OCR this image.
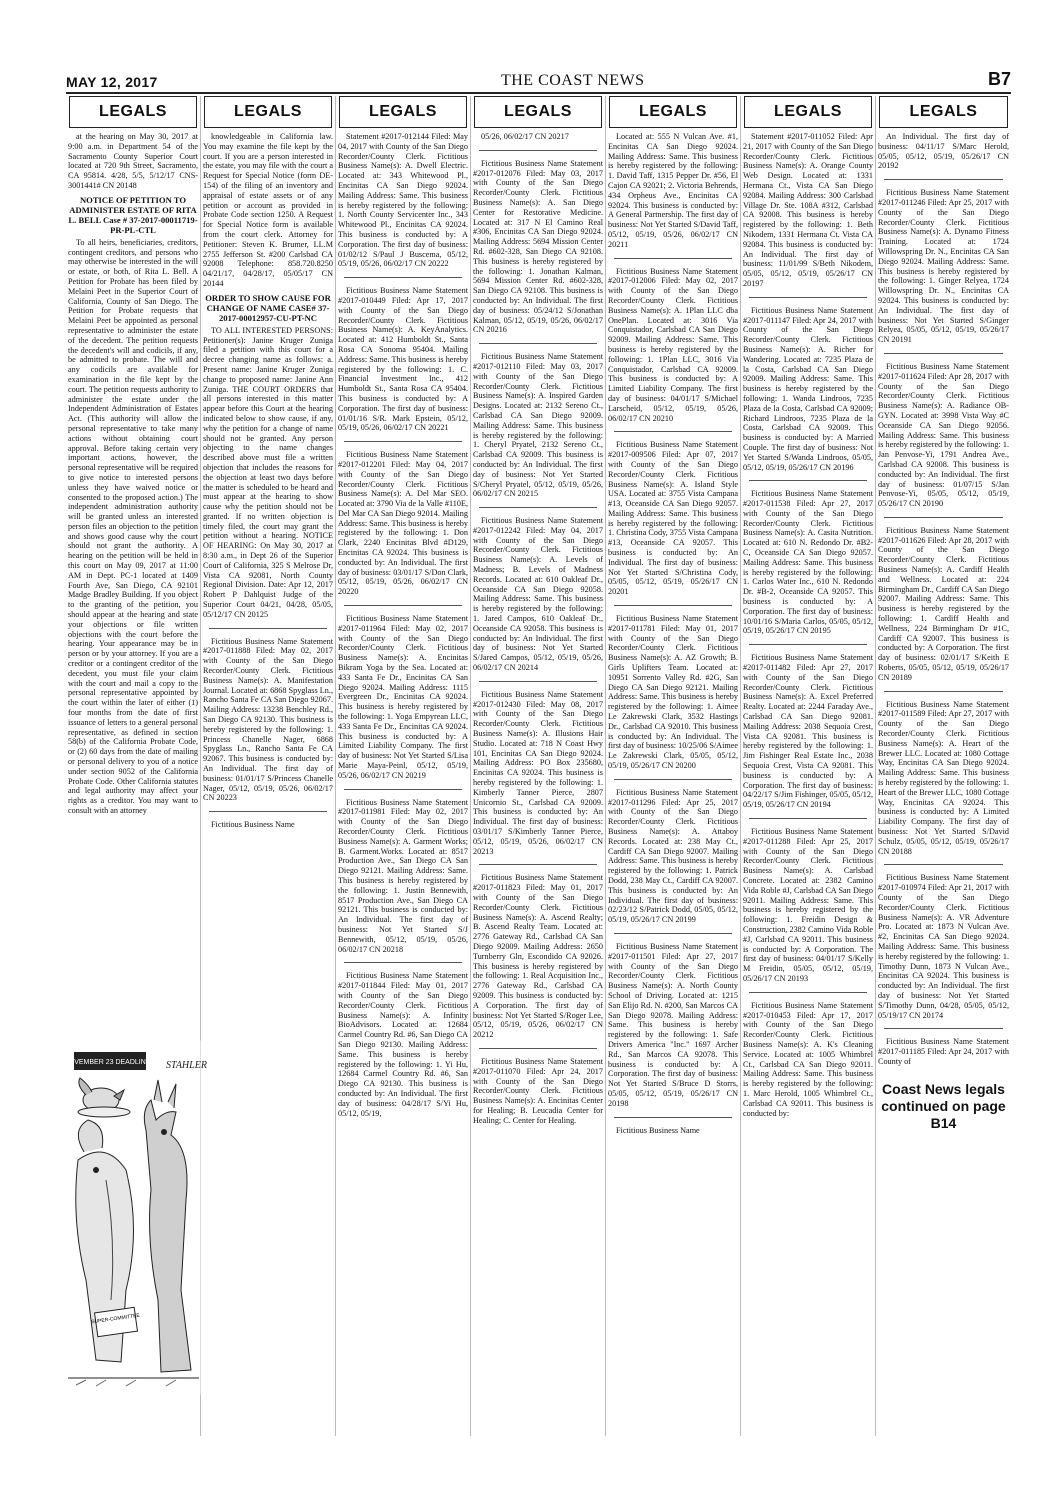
MAY 12, 2017	THE COAST NEWS	B7
LEGALS

at the hearing on May 30, 2017 at 9:00 a.m. in Department 54 of the Sacramento County Superior Court located at 720 9th Street, Sacramento, CA 95814. 4/28, 5/5, 5/12/17 CNS-3001441# CN 20148

NOTICE OF PETITION TO ADMINISTER ESTATE OF RITA L. BELL Case # 37-2017-00011719-PR-PL-CTL

To all heirs, beneficiaries, creditors, contingent creditors, and persons who may otherwise be interested in the will or estate, or both, of Rita L. Bell. A Petition for Probate has been filed by Melaini Peet in the Superior Court of California, County of San Diego. The Petition for Probate requests that Melaini Peet be appointed as personal representative to administer the estate of the decedent. The petition requests the decedent's will and codicils, if any, be admitted to probate. The will and any codicils are available for examination in the file kept by the court. The petition requests authority to administer the estate under the Independent Administration of Estates Act. (This authority will allow the personal representative to take many actions without obtaining court approval. Before taking certain very important actions, however, the personal representative will be required to give notice to interested persons unless they have waived notice or consented to the proposed action.) The independent administration authority will be granted unless an interested person files an objection to the petition and shows good cause why the court should not grant the authority. A hearing on the petition will be held in this court on May 09, 2017 at 11:00 AM in Dept. PC-1 located at 1409 Fourth Ave, San Diego, CA 92101 Madge Bradley Building. If you object to the granting of the petition, you should appear at the hearing and state your objections or file written objections with the court before the hearing. Your appearance may be in person or by your attorney. If you are a creditor or a contingent creditor of the decedent, you must file your claim with the court and mail a copy to the personal representative appointed by the court within the later of either (1) four months from the date of first issuance of letters to a general personal representative, as defined in section 58(b) of the California Probate Code, or (2) 60 days from the date of mailing or personal delivery to you of a notice under section 9052 of the California Probate Code. Other California statutes and legal authority may affect your rights as a creditor. You may want to consult with an attorney

LEGALS

knowledgeable in California law. You may examine the file kept by the court. If you are a person interested in the estate, you may file with the court a Request for Special Notice (form DE-154) of the filing of an inventory and appraisal of estate assets or of any petition or account as provided in Probate Code section 1250. A Request for Special Notice form is available from the court clerk. Attorney for Petitioner: Steven K. Brumer, LL.M 2755 Jefferson St. #200 Carlsbad CA 92008 Telephone: 858.720.8250 04/21/17, 04/28/17, 05/05/17 CN 20144

ORDER TO SHOW CAUSE FOR CHANGE OF NAME CASE# 37-2017-00012957-CU-PT-NC

TO ALL INTERESTED PERSONS: Petitioner(s): Janine Kruger Zuniga filed a petition with this court for a decree changing name as follows: a. Present name: Janine Kruger Zuniga change to proposed name: Janine Ann Zuniga. THE COURT ORDERS that all persons interested in this matter appear before this Court at the hearing indicated below to show cause, if any, why the petition for a change of name should not be granted. Any person objecting to the name changes described above must file a written objection that includes the reasons for the objection at least two days before the matter is scheduled to be heard and must appear at the hearing to show cause why the petition should not be granted. If no written objection is timely filed, the court may grant the petition without a hearing. NOTICE OF HEARING: On May 30, 2017 at 8:30 a.m., in Dept 26 of the Superior Court of California, 325 S Melrose Dr, Vista CA 92081, North County Regional Division. Date: Apr 12, 2017 Robert P Dahlquist Judge of the Superior Court 04/21, 04/28, 05/05, 05/12/17 CN 20125

Fictitious Business Name Statement #2017-011888 Filed: May 02, 2017 with County of the San Diego Recorder/County Clerk. Fictitious Business Name(s): A. Manifestation Journal. Located at: 6868 Spyglass Ln., Rancho Santa Fe CA San Diego 92067. Mailing Address: 13238 Benchley Rd., San Diego CA 92130. This business is hereby registered by the following: 1. Princess Chanelle Nager, 6868 Spyglass Ln., Rancho Santa Fe CA 92067. This business is conducted by: An Individual. The first day of business: 01/01/17 S/Princess Chanelle Nager, 05/12, 05/19, 05/26, 06/02/17 CN 20223

Fictitious Business Name

LEGALS

Statement #2017-012144 Filed: May 04, 2017 with County of the San Diego Recorder/County Clerk. Fictitious Business Name(s): A. Dwell Electric. Located at: 343 Whitewood Pl., Encinitas CA San Diego 92024. Mailing Address: Same. This business is hereby registered by the following: 1. North County Servicenter Inc., 343 Whitewood Pl., Encinitas CA 92024. This business is conducted by: A Corporation. The first day of business: 01/02/12 S/Paul J Buscema, 05/12, 05/19, 05/26, 06/02/17 CN 20222

Fictitious Business Name Statement #2017-010449 Filed: Apr 17, 2017 with County of the San Diego Recorder/County Clerk. Fictitious Business Name(s): A. KeyAnalytics. Located at: 412 Humboldt St., Santa Rosa CA Sonoma 95404. Mailing Address: Same. This business is hereby registered by the following: 1. C. Financial Investment Inc., 412 Humboldt St., Santa Rosa CA 95404. This business is conducted by: A Corporation. The first day of business: 01/01/16 S/R. Mark Epstein, 05/12, 05/19, 05/26, 06/02/17 CN 20221

Fictitious Business Name Statement #2017-012201 Filed: May 04, 2017 with County of the San Diego Recorder/County Clerk. Fictitious Business Name(s): A. Del Mar SEO. Located at: 3790 Via de la Valle #110E, Del Mar CA San Diego 92014. Mailing Address: Same. This business is hereby registered by the following: 1. Don Clark, 2240 Encinitas Blvd #D129, Encinitas CA 92024. This business is conducted by: An Individual. The first day of business: 03/01/17 S/Don Clark, 05/12, 05/19, 05/26, 06/02/17 CN 20220

Fictitious Business Name Statement #2017-011964 Filed: May 02, 2017 with County of the San Diego Recorder/County Clerk. Fictitious Business Name(s): A. Encinitas Bikram Yoga by the Sea. Located at: 433 Santa Fe Dr., Encinitas CA San Diego 92024. Mailing Address: 1115 Evergreen Dr., Encinitas CA 92024. This business is hereby registered by the following: 1. Yoga Empyrean LLC, 433 Santa Fe Dr., Encinitas CA 92024. This business is conducted by: A Limited Liability Company. The first day of business: Not Yet Started S/Lisa Marie Maya-Peinl, 05/12, 05/19, 05/26, 06/02/17 CN 20219

Fictitious Business Name Statement #2017-011981 Filed: May 02, 2017 with County of the San Diego Recorder/County Clerk. Fictitious Business Name(s): A. Garment Works; B. Garment.Works. Located at: 8517 Production Ave., San Diego CA San Diego 92121. Mailing Address: Same. This business is hereby registered by the following: 1. Justin Bennewith, 8517 Production Ave., San Diego CA 92121. This business is conducted by: An Individual. The first day of business: Not Yet Started S/J Bennewith, 05/12, 05/19, 05/26, 06/02/17 CN 20218

Fictitious Business Name Statement #2017-011844 Filed: May 01, 2017 with County of the San Diego Recorder/County Clerk. Fictitious Business Name(s): A. Infinity BioAdvisors. Located at: 12684 Carmel Country Rd. #6, San Diego CA San Diego 92130. Mailing Address: Same. This business is hereby registered by the following: 1. Yi Hu, 12684 Carmel Country Rd. #6, San Diego CA 92130. This business is conducted by: An Individual. The first day of business: 04/28/17 S/Yi Hu, 05/12, 05/19,

LEGALS

05/26, 06/02/17 CN 20217

Fictitious Business Name Statement #2017-012076 Filed: May 03, 2017 with County of the San Diego Recorder/County Clerk. Fictitious Business Name(s): A. San Diego Center for Restorative Medicine. Located at: 317 N El Camino Real #306, Encinitas CA San Diego 92024. Mailing Address: 5694 Mission Center Rd. #602-328, San Diego CA 92108. This business is hereby registered by the following: 1. Jonathan Kalman, 5694 Mission Center Rd. #602-328, San Diego CA 92108. This business is conducted by: An Individual. The first day of business: 05/24/12 S/Jonathan Kalman, 05/12, 05/19, 05/26, 06/02/17 CN 20216

Fictitious Business Name Statement #2017-012110 Filed: May 03, 2017 with County of the San Diego Recorder/County Clerk. Fictitious Business Name(s): A. Inspired Garden Designs. Located at: 2132 Sereno Ct., Carlsbad CA San Diego 92009. Mailing Address: Same. This business is hereby registered by the following: 1. Cheryl Pryatel, 2132 Sereno Ct., Carlsbad CA 92009. This business is conducted by: An Individual. The first day of business: Not Yet Started S/Cheryl Pryatel, 05/12, 05/19, 05/26, 06/02/17 CN 20215

Fictitious Business Name Statement #2017-012242 Filed: May 04, 2017 with County of the San Diego Recorder/County Clerk. Fictitious Business Name(s): A. Levels of Madness; B. Levels of Madness Records. Located at: 610 Oakleaf Dr., Oceanside CA San Diego 92058. Mailing Address: Same. This business is hereby registered by the following: 1. Jared Campos, 610 Oakleaf Dr., Oceanside CA 92058. This business is conducted by: An Individual. The first day of business: Not Yet Started S/Jared Campos, 05/12, 05/19, 05/26, 06/02/17 CN 20214

Fictitious Business Name Statement #2017-012430 Filed: May 08, 2017 with County of the San Diego Recorder/County Clerk. Fictitious Business Name(s): A. Illusions Hair Studio. Located at: 718 N Coast Hwy 101, Encinitas CA San Diego 92024. Mailing Address: PO Box 235680, Encinitas CA 92024. This business is hereby registered by the following: 1. Kimberly Tanner Pierce, 2807 Unicornio St., Carlsbad CA 92009. This business is conducted by: An Individual. The first day of business: 03/01/17 S/Kimberly Tanner Pierce, 05/12, 05/19, 05/26, 06/02/17 CN 20213

Fictitious Business Name Statement #2017-011823 Filed: May 01, 2017 with County of the San Diego Recorder/County Clerk. Fictitious Business Name(s): A. Ascend Realty; B. Ascend Realty Team. Located at: 2776 Gateway Rd., Carlsbad CA San Diego 92009. Mailing Address: 2650 Turnberry Gln, Escondido CA 92026. This business is hereby registered by the following: 1. Real Acquisition Inc., 2776 Gateway Rd., Carlsbad CA 92009. This business is conducted by: A Corporation. The first day of business: Not Yet Started S/Roger Lee, 05/12, 05/19, 05/26, 06/02/17 CN 20212

Fictitious Business Name Statement #2017-011070 Filed: Apr 24, 2017 with County of the San Diego Recorder/County Clerk. Fictitious Business Name(s): A. Encinitas Center for Healing; B. Leucadia Center for Healing; C. Center for Healing.

LEGALS

Located at: 555 N Vulcan Ave. #1, Encinitas CA San Diego 92024. Mailing Address: Same. This business is hereby registered by the following: 1. David Taff, 1315 Pepper Dr. #56, El Cajon CA 92021; 2. Victoria Behrends, 434 Orpheus Ave., Encinitas CA 92024. This business is conducted by: A General Partnership. The first day of business: Not Yet Started S/David Taff, 05/12, 05/19, 05/26, 06/02/17 CN 20211

Fictitious Business Name Statement #2017-012006 Filed: May 02, 2017 with County of the San Diego Recorder/County Clerk. Fictitious Business Name(s): A. 1Plan LLC dba OnePlan. Located at: 3016 Via Conquistador, Carlsbad CA San Diego 92009. Mailing Address: Same. This business is hereby registered by the following: 1. 1Plan LLC, 3016 Via Conquistador, Carlsbad CA 92009. This business is conducted by: A Limited Liability Company. The first day of business: 04/01/17 S/Michael Larscheid, 05/12, 05/19, 05/26, 06/02/17 CN 20210

Fictitious Business Name Statement #2017-009506 Filed: Apr 07, 2017 with County of the San Diego Recorder/County Clerk. Fictitious Business Name(s): A. Island Style USA. Located at: 3755 Vista Campana #13, Oceanside CA San Diego 92057. Mailing Address: Same. This business is hereby registered by the following: 1. Christina Cody, 3755 Vista Campana #13, Oceanside CA 92057. This business is conducted by: An Individual. The first day of business: Not Yet Started S/Christina Cody, 05/05, 05/12, 05/19, 05/26/17 CN 20201

Fictitious Business Name Statement #2017-011781 Filed: May 01, 2017 with County of the San Diego Recorder/County Clerk. Fictitious Business Name(s): A. AZ Growth; B. Girls Uplifters Team. Located at: 10951 Sorrento Valley Rd. #2G, San Diego CA San Diego 92121. Mailing Address: Same. This business is hereby registered by the following: 1. Aimee Le Zakrewski Clark, 3532 Hastings Dr., Carlsbad CA 92010. This business is conducted by: An Individual. The first day of business: 10/25/06 S/Aimee Le Zakrewski Clark, 05/05, 05/12, 05/19, 05/26/17 CN 20200

Fictitious Business Name Statement #2017-011296 Filed: Apr 25, 2017 with County of the San Diego Recorder/County Clerk. Fictitious Business Name(s): A. Attaboy Records. Located at: 238 May Ct., Cardiff CA San Diego 92007. Mailing Address: Same. This business is hereby registered by the following: 1. Patrick Dodd, 238 May Ct., Cardiff CA 92007. This business is conducted by: An Individual. The first day of business: 02/23/12 S/Patrick Dodd, 05/05, 05/12, 05/19, 05/26/17 CN 20199

Fictitious Business Name Statement #2017-011501 Filed: Apr 27, 2017 with County of the San Diego Recorder/County Clerk. Fictitious Business Name(s): A. North County School of Driving. Located at: 1215 San Elijo Rd. N. #200, San Marcos CA San Diego 92078. Mailing Address: Same. This business is hereby registered by the following: 1. Safe Drivers America "Inc." 1697 Archer Rd., San Marcos CA 92078. This business is conducted by: A Corporation. The first day of business: Not Yet Started S/Bruce D Storrs, 05/05, 05/12, 05/19, 05/26/17 CN 20198

Fictitious Business Name

LEGALS

Statement #2017-011052 Filed: Apr 21, 2017 with County of the San Diego Recorder/County Clerk. Fictitious Business Name(s): A. Orange County Web Design. Located at: 1331 Hermana Ct., Vista CA San Diego 92084. Mailing Address: 300 Carlsbad Village Dr. Ste. 108A #312, Carlsbad CA 92008. This business is hereby registered by the following: 1. Beth Nikodem, 1331 Hermana Ct. Vista CA 92084. This business is conducted by: An Individual. The first day of business: 11/01/99 S/Beth Nikodem, 05/05, 05/12, 05/19, 05/26/17 CN 20197

Fictitious Business Name Statement #2017-011147 Filed: Apr 24, 2017 with County of the San Diego Recorder/County Clerk. Fictitious Business Name(s): A. Richer for Wandering. Located at: 7235 Plaza de la Costa, Carlsbad CA San Diego 92009. Mailing Address: Same. This business is hereby registered by the following: 1. Wanda Lindroos, 7235 Plaza de la Costa, Carlsbad CA 92009; Richard Lindroos, 7235 Plaza de la Costa, Carlsbad CA 92009. This business is conducted by: A Married Couple. The first day of business: Not Yet Started S/Wanda Lindroos, 05/05, 05/12, 05/19, 05/26/17 CN 20196

Fictitious Business Name Statement #2017-011538 Filed: Apr 27, 2017 with County of the San Diego Recorder/County Clerk. Fictitious Business Name(s): A. Casita Nutrition. Located at: 610 N. Redondo Dr. #B2-C, Oceanside CA San Diego 92057. Mailing Address: Same. This business is hereby registered by the following: 1. Carlos Water Inc., 610 N. Redondo Dr. #B-2, Oceanside CA 92057. This business is conducted by: A Corporation. The first day of business: 10/01/16 S/Maria Carlos, 05/05, 05/12, 05/19, 05/26/17 CN 20195

Fictitious Business Name Statement #2017-011482 Filed: Apr 27, 2017 with County of the San Diego Recorder/County Clerk. Fictitious Business Name(s): A. Excel Preferred Realty. Located at: 2244 Faraday Ave., Carlsbad CA San Diego 92081. Mailing Address: 2038 Sequoia Crest, Vista CA 92081. This business is hereby registered by the following: 1. Jim Fishinger Real Estate Inc., 2038 Sequoia Crest, Vista CA 92081. This business is conducted by: A Corporation. The first day of business: 04/22/17 S/Jim Fishinger, 05/05, 05/12, 05/19, 05/26/17 CN 20194

Fictitious Business Name Statement #2017-011288 Filed: Apr 25, 2017 with County of the San Diego Recorder/County Clerk. Fictitious Business Name(s): A. Carlsbad Concrete. Located at: 2382 Camino Vida Roble #J, Carlsbad CA San Diego 92011. Mailing Address: Same. This business is hereby registered by the following: 1. Freidin Design & Construction, 2382 Camino Vida Roble #J, Carlsbad CA 92011. This business is conducted by: A Corporation. The first day of business: 04/01/17 S/Kelly M Freidin, 05/05, 05/12, 05/19, 05/26/17 CN 20193

Fictitious Business Name Statement #2017-010453 Filed: Apr 17, 2017 with County of the San Diego Recorder/County Clerk. Fictitious Business Name(s): A. K's Cleaning Service. Located at: 1005 Whimbrel Ct., Carlsbad CA San Diego 92011. Mailing Address: Same. This business is hereby registered by the following: 1. Marc Herold, 1005 Whimbrel Ct., Carlsbad CA 92011. This business is conducted by:

LEGALS

An Individual. The first day of business: 04/11/17 S/Marc Herold, 05/05, 05/12, 05/19, 05/26/17 CN 20192

Fictitious Business Name Statement #2017-011246 Filed: Apr 25, 2017 with County of the San Diego Recorder/County Clerk. Fictitious Business Name(s): A. Dynamo Fitness Training. Located at: 1724 Willowspring Dr. N., Encinitas CA San Diego 92024. Mailing Address: Same. This business is hereby registered by the following: 1. Ginger Relyea, 1724 Willowspring Dr. N., Encinitas CA 92024. This business is conducted by: An Individual. The first day of business: Not Yet Started S/Ginger Relyea, 05/05, 05/12, 05/19, 05/26/17 CN 20191

Fictitious Business Name Statement #2017-011624 Filed: Apr 28, 2017 with County of the San Diego Recorder/County Clerk. Fictitious Business Name(s): A. Radiance OB-GYN. Located at: 3998 Vista Way #C Oceanside CA San Diego 92056. Mailing Address: Same. This business is hereby registered by the following: 1. Jan Penvose-Yi, 1791 Andrea Ave., Carlsbad CA 92008. This business is conducted by: An Individual. The first day of business: 01/07/15 S/Jan Penvose-Yi, 05/05, 05/12, 05/19, 05/26/17 CN 20190

Fictitious Business Name Statement #2017-011626 Filed: Apr 28, 2017 with County of the San Diego Recorder/County Clerk. Fictitious Business Name(s): A. Cardiff Health and Wellness. Located at: 224 Birmingham Dr., Cardiff CA San Diego 92007. Mailing Address: Same. This business is hereby registered by the following: 1. Cardiff Health and Wellness, 224 Birmingham Dr #1C, Cardiff CA 92007. This business is conducted by: A Corporation. The first day of business: 02/01/17 S/Keith E Roberts, 05/05, 05/12, 05/19, 05/26/17 CN 20189

Fictitious Business Name Statement #2017-011589 Filed: Apr 27, 2017 with County of the San Diego Recorder/County Clerk. Fictitious Business Name(s): A. Heart of the Brewer LLC. Located at: 1080 Cottage Way, Encinitas CA San Diego 92024. Mailing Address: Same. This business is hereby registered by the following: 1. Heart of the Brewer LLC, 1080 Cottage Way, Encinitas CA 92024. This business is conducted by: A Limited Liability Company. The first day of business: Not Yet Started S/David Schulz, 05/05, 05/12, 05/19, 05/26/17 CN 20188

Fictitious Business Name Statement #2017-010974 Filed: Apr 21, 2017 with County of the San Diego Recorder/County Clerk. Fictitious Business Name(s): A. VR Adventure Pro. Located at: 1873 N Vulcan Ave. #2, Encinitas CA San Diego 92024. Mailing Address: Same. This business is hereby registered by the following: 1. Timothy Dunn, 1873 N Vulcan Ave., Encinitas CA 92024. This business is conducted by: An Individual. The first day of business: Not Yet Started S/Timothy Dunn, 04/28, 05/05, 05/12, 05/19/17 CN 20174

Fictitious Business Name Statement #2017-011185 Filed: Apr 24, 2017 with County of

Coast News legals continued on page B14
NOVEMBER 23 DEADLINE... STAHLER
SUPER-COMMITTEE
